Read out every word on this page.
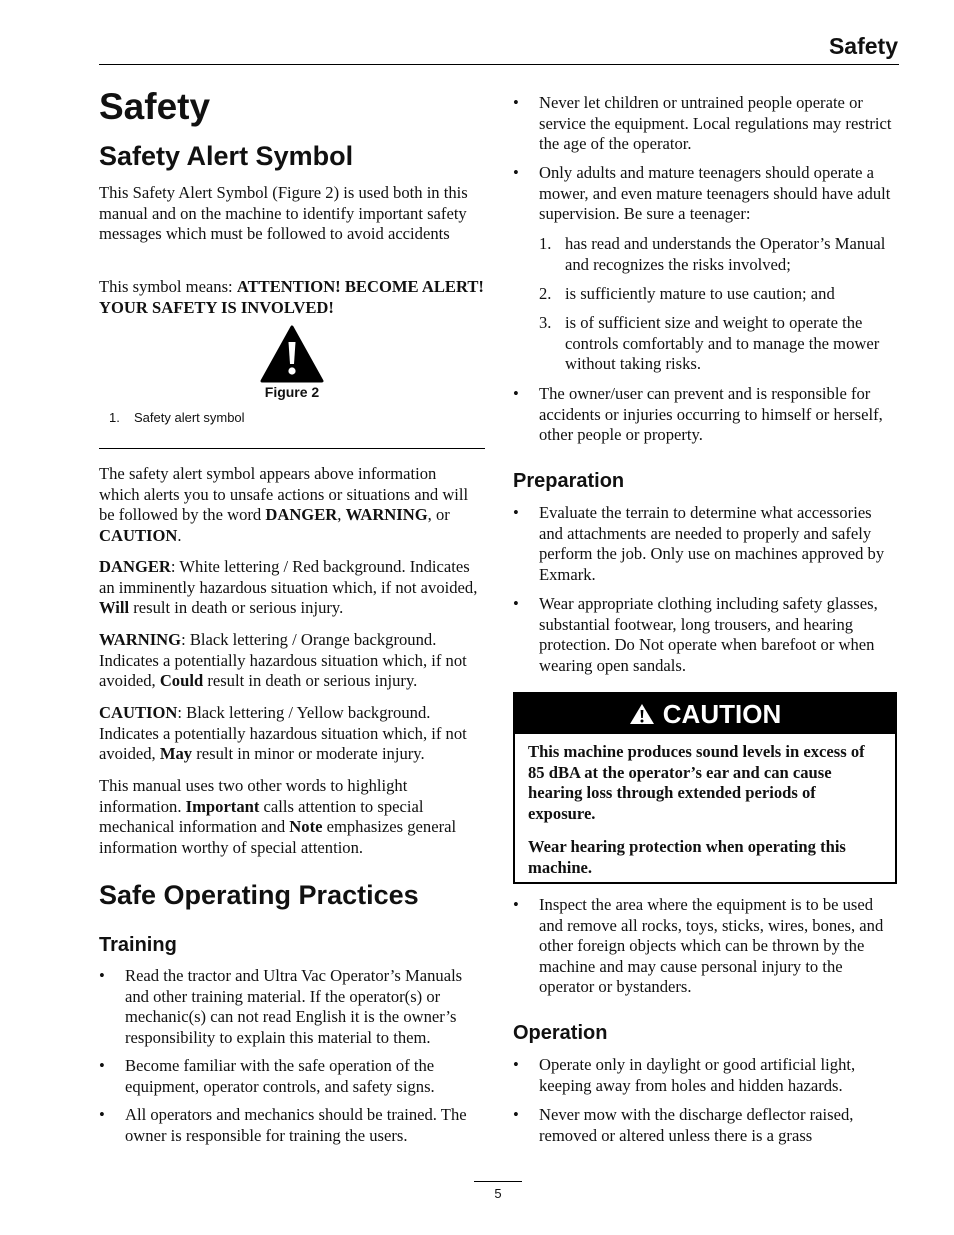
Safety
Safety
Safety Alert Symbol

This Safety Alert Symbol (Figure 2) is used both in this manual and on the machine to identify important safety messages which must be followed to avoid accidents

This symbol means: ATTENTION! BECOME ALERT! YOUR SAFETY IS INVOLVED!

Figure 2
1. Safety alert symbol

The safety alert symbol appears above information which alerts you to unsafe actions or situations and will be followed by the word DANGER, WARNING, or CAUTION.

DANGER: White lettering / Red background. Indicates an imminently hazardous situation which, if not avoided, Will result in death or serious injury.

WARNING: Black lettering / Orange background. Indicates a potentially hazardous situation which, if not avoided, Could result in death or serious injury.

CAUTION: Black lettering / Yellow background. Indicates a potentially hazardous situation which, if not avoided, May result in minor or moderate injury.

This manual uses two other words to highlight information. Important calls attention to special mechanical information and Note emphasizes general information worthy of special attention.

Safe Operating Practices
Training
•	Read the tractor and Ultra Vac Operator’s Manuals and other training material. If the operator(s) or mechanic(s) can not read English it is the owner’s responsibility to explain this material to them.
•	Become familiar with the safe operation of the equipment, operator controls, and safety signs.
•	All operators and mechanics should be trained. The owner is responsible for training the users.
•	Never let children or untrained people operate or service the equipment. Local regulations may restrict the age of the operator.
•	Only adults and mature teenagers should operate a mower, and even mature teenagers should have adult supervision. Be sure a teenager:
1. has read and understands the Operator’s Manual and recognizes the risks involved;
2. is sufficiently mature to use caution; and
3. is of sufficient size and weight to operate the controls comfortably and to manage the mower without taking risks.
•	The owner/user can prevent and is responsible for accidents or injuries occurring to himself or herself, other people or property.
Preparation
•	Evaluate the terrain to determine what accessories and attachments are needed to properly and safely perform the job. Only use on machines approved by Exmark.
•	Wear appropriate clothing including safety glasses, substantial footwear, long trousers, and hearing protection. Do Not operate when barefoot or when wearing open sandals.
CAUTION
This machine produces sound levels in excess of 85 dBA at the operator’s ear and can cause hearing loss through extended periods of exposure.
Wear hearing protection when operating this machine.
•	Inspect the area where the equipment is to be used and remove all rocks, toys, sticks, wires, bones, and other foreign objects which can be thrown by the machine and may cause personal injury to the operator or bystanders.
Operation
•	Operate only in daylight or good artificial light, keeping away from holes and hidden hazards.
•	Never mow with the discharge deflector raised, removed or altered unless there is a grass
5
